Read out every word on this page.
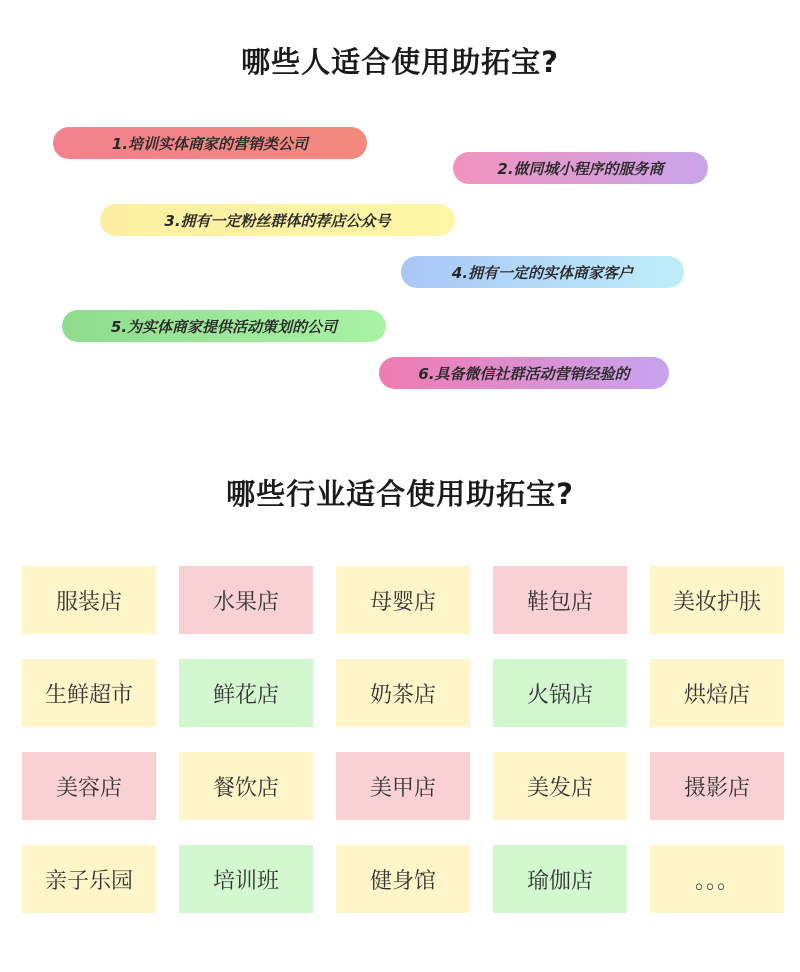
哪些人适合使用助拓宝?
1.培训实体商家的营销类公司
2.做同城小程序的服务商
3.拥有一定粉丝群体的荐店公众号
4.拥有一定的实体商家客户
5.为实体商家提供活动策划的公司
6.具备微信社群活动营销经验的
哪些行业适合使用助拓宝?
服装店	水果店	母婴店	鞋包店	美妆护肤
生鲜超市	鲜花店	奶茶店	火锅店	烘焙店
美容店	餐饮店	美甲店	美发店	摄影店
亲子乐园	培训班	健身馆	瑜伽店	。。。
